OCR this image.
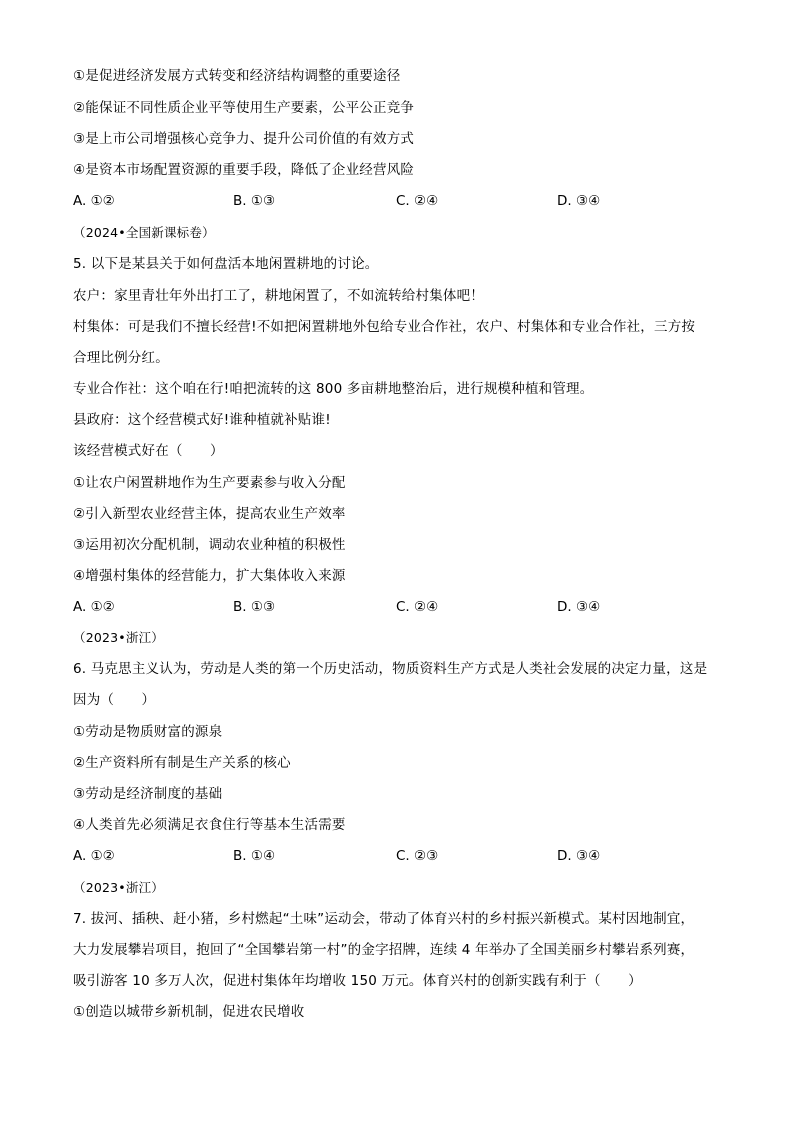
①是促进经济发展方式转变和经济结构调整的重要途径
②能保证不同性质企业平等使用生产要素，公平公正竞争
③是上市公司增强核心竞争力、提升公司价值的有效方式
④是资本市场配置资源的重要手段，降低了企业经营风险
A. ①②	B. ①③	C. ②④	D. ③④
（2024•全国新课标卷）
5. 以下是某县关于如何盘活本地闲置耕地的讨论。
农户：家里青壮年外出打工了，耕地闲置了，不如流转给村集体吧！
村集体：可是我们不擅长经营!不如把闲置耕地外包给专业合作社，农户、村集体和专业合作社，三方按
合理比例分红。
专业合作社：这个咱在行!咱把流转的这 800 多亩耕地整治后，进行规模种植和管理。
县政府：这个经营模式好!谁种植就补贴谁!
该经营模式好在（　　）
①让农户闲置耕地作为生产要素参与收入分配
②引入新型农业经营主体，提高农业生产效率
③运用初次分配机制，调动农业种植的积极性
④增强村集体的经营能力，扩大集体收入来源
A. ①②	B. ①③	C. ②④	D. ③④
（2023•浙江）
6. 马克思主义认为，劳动是人类的第一个历史活动，物质资料生产方式是人类社会发展的决定力量，这是
因为（　　）
①劳动是物质财富的源泉
②生产资料所有制是生产关系的核心
③劳动是经济制度的基础
④人类首先必须满足衣食住行等基本生活需要
A. ①②	B. ①④	C. ②③	D. ③④
（2023•浙江）
7. 拔河、插秧、赶小猪，乡村燃起“土味”运动会，带动了体育兴村的乡村振兴新模式。某村因地制宜，
大力发展攀岩项目，抱回了“全国攀岩第一村”的金字招牌，连续 4 年举办了全国美丽乡村攀岩系列赛，
吸引游客 10 多万人次，促进村集体年均增收 150 万元。体育兴村的创新实践有利于（　　）
①创造以城带乡新机制，促进农民增收
